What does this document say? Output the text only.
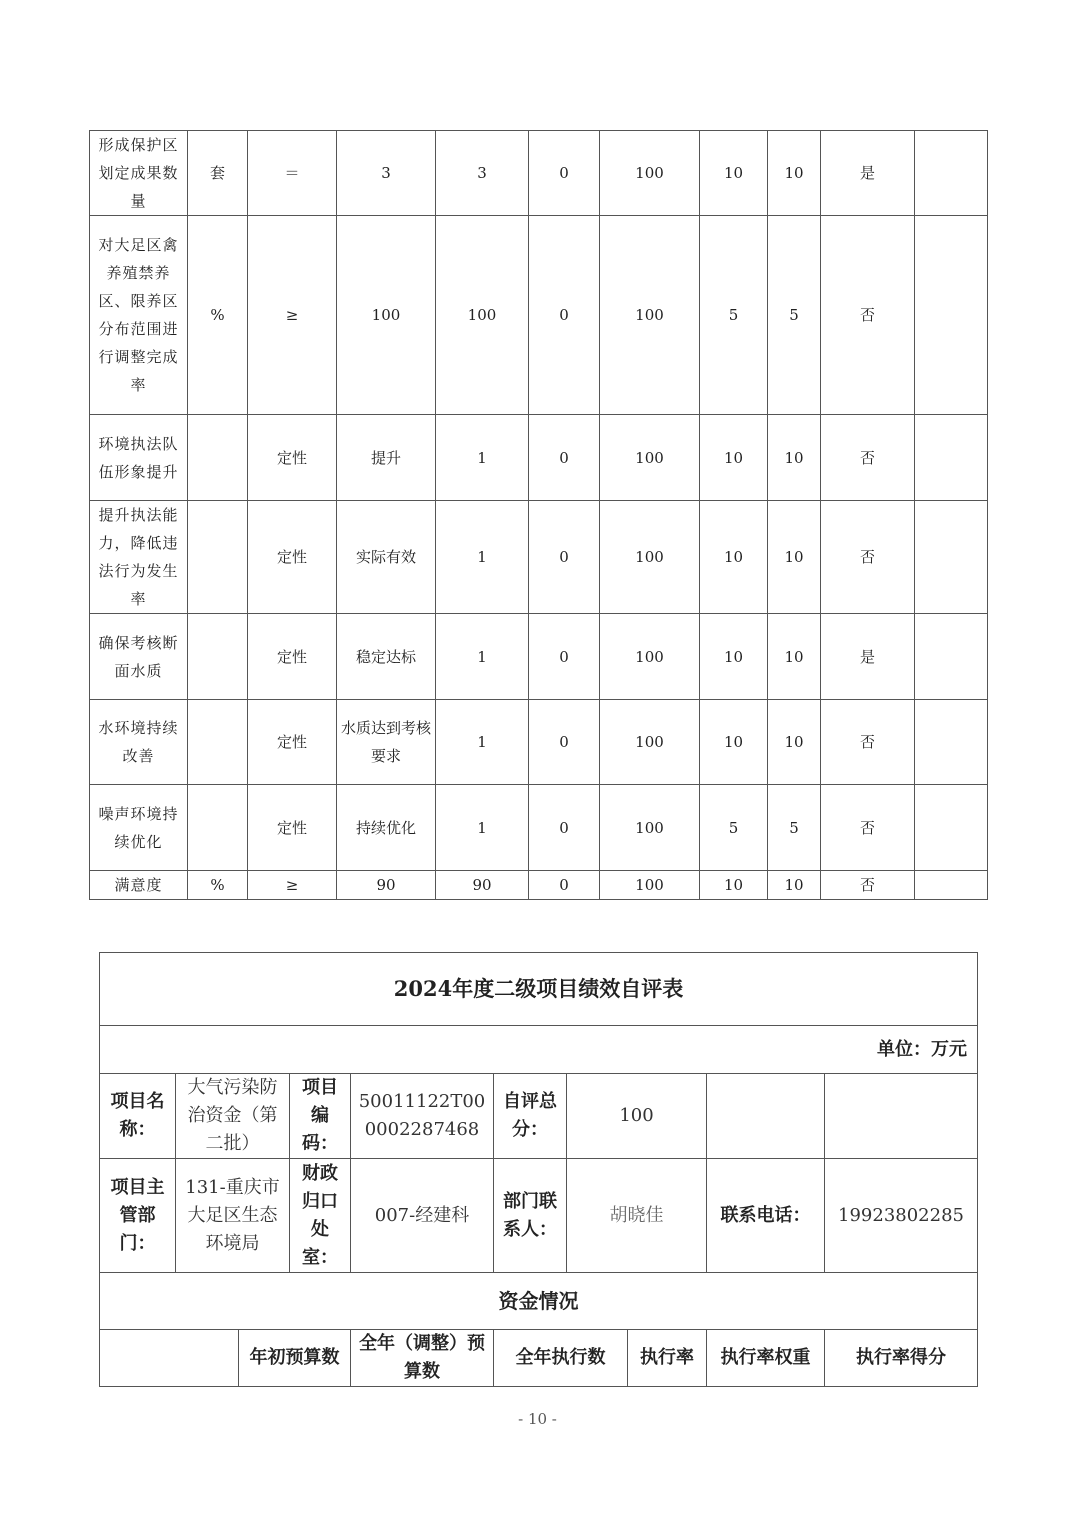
形成保护区划定成果数量	套	＝	3	3	0	100	10	10	是	
对大足区禽养殖禁养区、限养区分布范围进行调整完成率	%	≥	100	100	0	100	5	5	否	
环境执法队伍形象提升		定性	提升	1	0	100	10	10	否	
提升执法能力，降低违法行为发生率		定性	实际有效	1	0	100	10	10	否	
确保考核断面水质		定性	稳定达标	1	0	100	10	10	是	
水环境持续改善		定性	水质达到考核要求	1	0	100	10	10	否	
噪声环境持续优化		定性	持续优化	1	0	100	5	5	否	
满意度	%	≥	90	90	0	100	10	10	否	
2024年度二级项目绩效自评表									
单位：万元									
项目名称：	大气污染防治资金（第二批）		项目编码：	50011122T000002287468	自评总分：	100			
项目主管部门：	131-重庆市大足区生态环境局		财政归口处室：	007-经建科	部门联系人：	胡晓佳		联系电话：	19923802285
资金情况									
		年初预算数		全年（调整）预算数	全年执行数		执行率	执行率权重	执行率得分
- 10 -
